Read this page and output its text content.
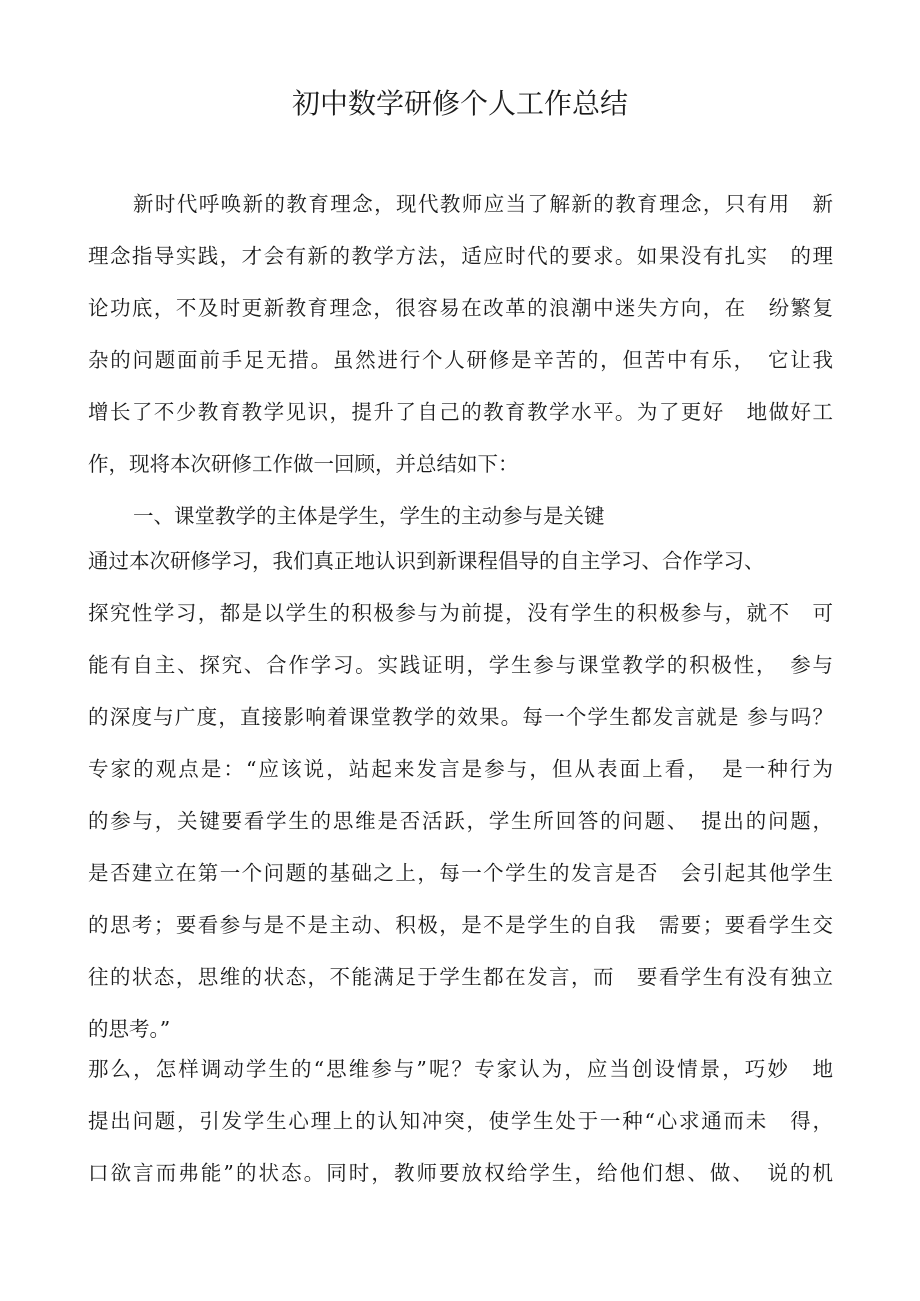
初中数学研修个人工作总结
新时代呼唤新的教育理念，现代教师应当了解新的教育理念，只有用　新
理念指导实践，才会有新的教学方法，适应时代的要求。如果没有扎实　的理
论功底，不及时更新教育理念，很容易在改革的浪潮中迷失方向，在　纷繁复
杂的问题面前手足无措。虽然进行个人研修是辛苦的，但苦中有乐，　它让我
增长了不少教育教学见识，提升了自己的教育教学水平。为了更好　地做好工
作，现将本次研修工作做一回顾，并总结如下：
一、课堂教学的主体是学生，学生的主动参与是关键
通过本次研修学习，我们真正地认识到新课程倡导的自主学习、合作学习、
探究性学习，都是以学生的积极参与为前提，没有学生的积极参与，就不　可
能有自主、探究、合作学习。实践证明，学生参与课堂教学的积极性，　参与
的深度与广度，直接影响着课堂教学的效果。每一个学生都发言就是 参与吗？
专家的观点是：“应该说，站起来发言是参与，但从表面上看，　是一种行为
的参与，关键要看学生的思维是否活跃，学生所回答的问题、　提出的问题，
是否建立在第一个问题的基础之上，每一个学生的发言是否　会引起其他学生
的思考；要看参与是不是主动、积极，是不是学生的自我　需要；要看学生交
往的状态，思维的状态，不能满足于学生都在发言，而　要看学生有没有独立
的思考。”
那么，怎样调动学生的“思维参与”呢？专家认为，应当创设情景，巧妙　地
提出问题，引发学生心理上的认知冲突，使学生处于一种“心求通而未　得，
口欲言而弗能”的状态。同时，教师要放权给学生，给他们想、做、　说的机
